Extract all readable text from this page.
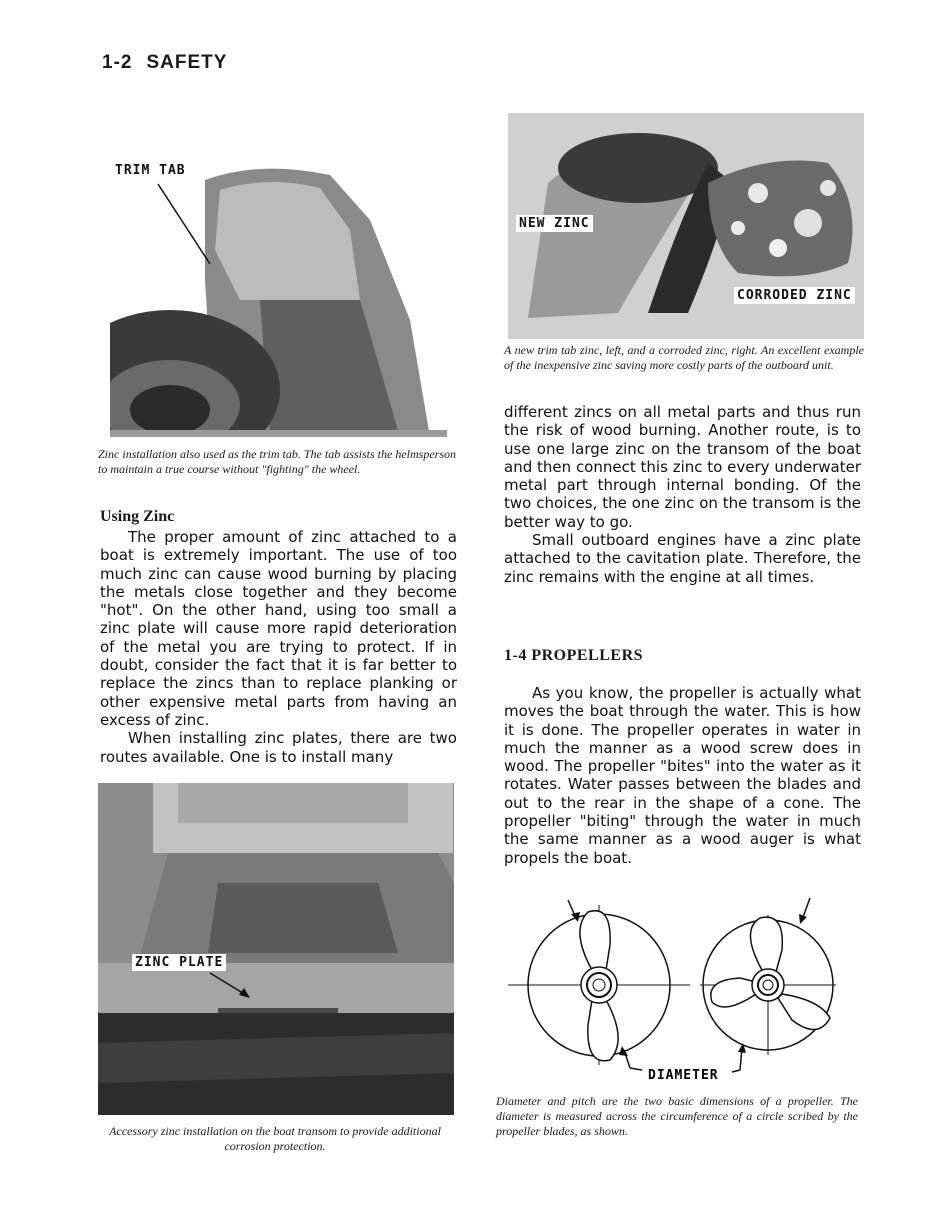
1-2 SAFETY
TRIM TAB
Zinc installation also used as the trim tab. The tab assists the helmsperson to maintain a true course without "fighting" the wheel.
Using Zinc

The proper amount of zinc attached to a boat is extremely important. The use of too much zinc can cause wood burning by placing the metals close together and they become "hot". On the other hand, using too small a zinc plate will cause more rapid deterioration of the metal you are trying to protect. If in doubt, consider the fact that it is far better to replace the zincs than to replace planking or other expensive metal parts from having an excess of zinc.

When installing zinc plates, there are two routes available. One is to install many

ZINC PLATE
Accessory zinc installation on the boat transom to provide additional corrosion protection.
NEW ZINC
CORRODED ZINC
A new trim tab zinc, left, and a corroded zinc, right. An excellent example of the inexpensive zinc saving more costly parts of the outboard unit.

different zincs on all metal parts and thus run the risk of wood burning. Another route, is to use one large zinc on the transom of the boat and then connect this zinc to every underwater metal part through internal bonding. Of the two choices, the one zinc on the transom is the better way to go.

Small outboard engines have a zinc plate attached to the cavitation plate. Therefore, the zinc remains with the engine at all times.

1-4 PROPELLERS

As you know, the propeller is actually what moves the boat through the water. This is how it is done. The propeller operates in water in much the manner as a wood screw does in wood. The propeller "bites" into the water as it rotates. Water passes between the blades and out to the rear in the shape of a cone. The propeller "biting" through the water in much the same manner as a wood auger is what propels the boat.

DIAMETER
Diameter and pitch are the two basic dimensions of a propeller. The diameter is measured across the circumference of a circle scribed by the propeller blades, as shown.
